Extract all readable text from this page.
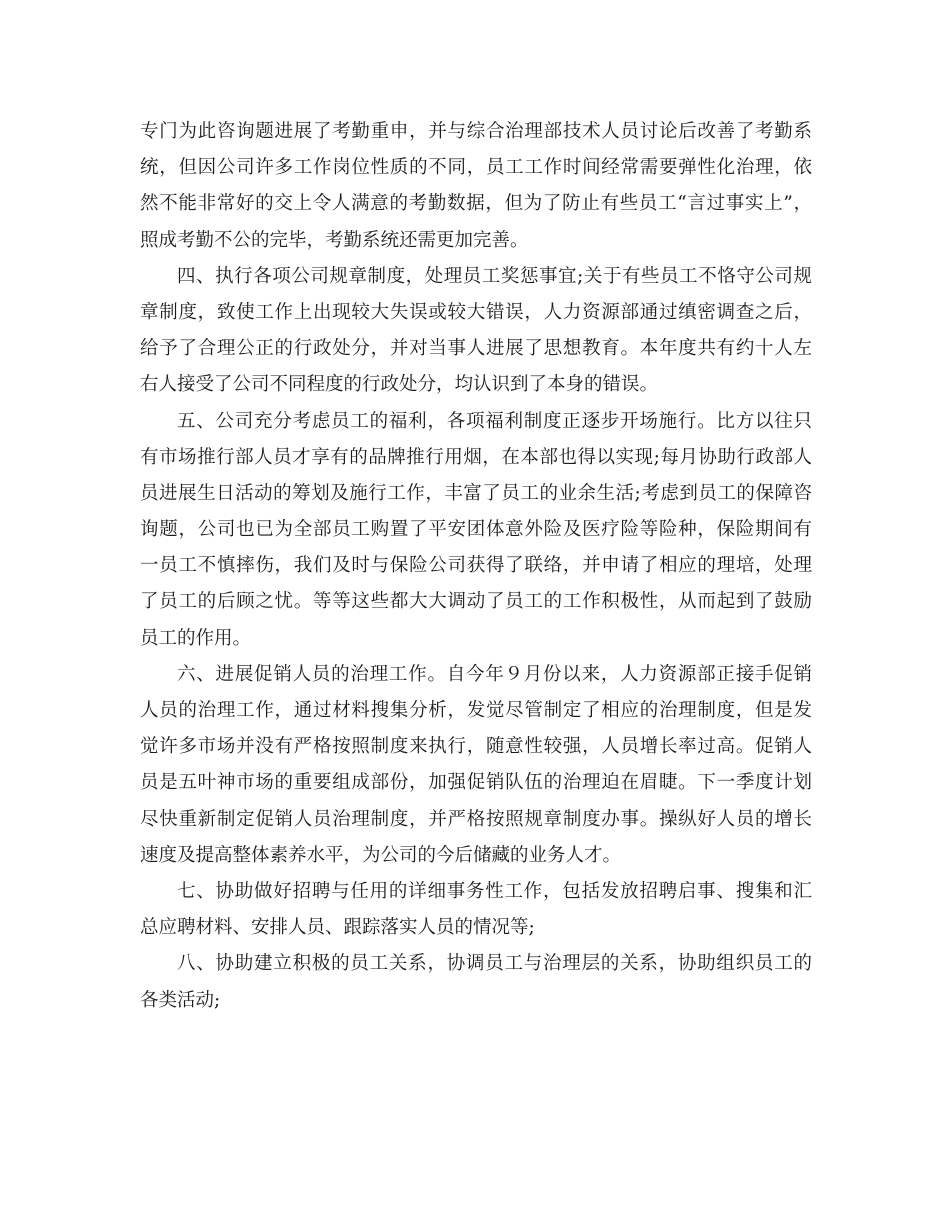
专门为此咨询题进展了考勤重申，并与综合治理部技术人员讨论后改善了考勤系
统，但因公司许多工作岗位性质的不同，员工工作时间经常需要弹性化治理，依
然不能非常好的交上令人满意的考勤数据，但为了防止有些员工“言过事实上”，
照成考勤不公的完毕，考勤系统还需更加完善。
四、执行各项公司规章制度，处理员工奖惩事宜;关于有些员工不恪守公司规
章制度，致使工作上出现较大失误或较大错误，人力资源部通过缜密调查之后，
给予了合理公正的行政处分，并对当事人进展了思想教育。本年度共有约十人左
右人接受了公司不同程度的行政处分，均认识到了本身的错误。
五、公司充分考虑员工的福利，各项福利制度正逐步开场施行。比方以往只
有市场推行部人员才享有的品牌推行用烟，在本部也得以实现;每月协助行政部人
员进展生日活动的筹划及施行工作，丰富了员工的业余生活;考虑到员工的保障咨
询题，公司也已为全部员工购置了平安团体意外险及医疗险等险种，保险期间有
一员工不慎摔伤，我们及时与保险公司获得了联络，并申请了相应的理培，处理
了员工的后顾之忧。等等这些都大大调动了员工的工作积极性，从而起到了鼓励
员工的作用。
六、进展促销人员的治理工作。自今年９月份以来，人力资源部正接手促销
人员的治理工作，通过材料搜集分析，发觉尽管制定了相应的治理制度，但是发
觉许多市场并没有严格按照制度来执行，随意性较强，人员增长率过高。促销人
员是五叶神市场的重要组成部份，加强促销队伍的治理迫在眉睫。下一季度计划
尽快重新制定促销人员治理制度，并严格按照规章制度办事。操纵好人员的增长
速度及提高整体素养水平，为公司的今后储藏的业务人才。
七、协助做好招聘与任用的详细事务性工作，包括发放招聘启事、搜集和汇
总应聘材料、安排人员、跟踪落实人员的情况等;
八、协助建立积极的员工关系，协调员工与治理层的关系，协助组织员工的
各类活动;
